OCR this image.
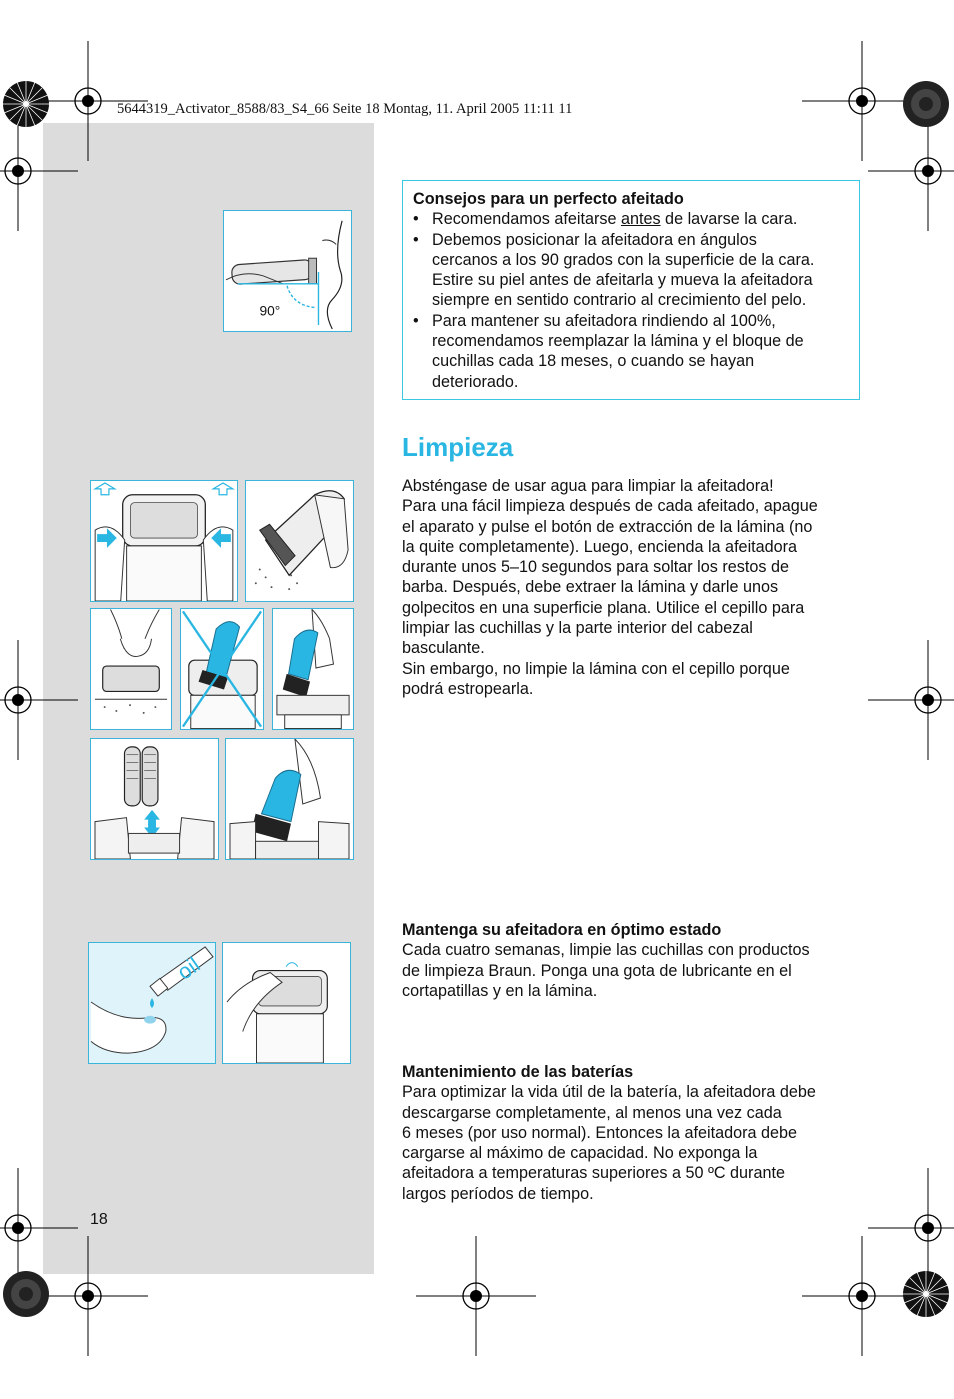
5644319_Activator_8588/83_S4_66 Seite 18 Montag, 11. April 2005 11:11 11
90°
oil
Consejos para un perfecto afeitado
• Recomendamos afeitarse antes de lavarse la cara.
• Debemos posicionar la afeitadora en ángulos
cercanos a los 90 grados con la superficie de la cara.
Estire su piel antes de afeitarla y mueva la afeitadora
siempre en sentido contrario al crecimiento del pelo.
• Para mantener su afeitadora rindiendo al 100%,
recomendamos reemplazar la lámina y el bloque de
cuchillas cada 18 meses, o cuando se hayan
deteriorado.
Limpieza
Absténgase de usar agua para limpiar la afeitadora!
Para una fácil limpieza después de cada afeitado, apague
el aparato y pulse el botón de extracción de la lámina (no
la quite completamente). Luego, encienda la afeitadora
durante unos 5–10 segundos para soltar los restos de
barba. Después, debe extraer la lámina y darle unos
golpecitos en una superficie plana. Utilice el cepillo para
limpiar las cuchillas y la parte interior del cabezal
basculante.
Sin embargo, no limpie la lámina con el cepillo porque
podrá estropearla.
Mantenga su afeitadora en óptimo estado
Cada cuatro semanas, limpie las cuchillas con productos
de limpieza Braun. Ponga una gota de lubricante en el
cortapatillas y en la lámina.
Mantenimiento de las baterías
Para optimizar la vida útil de la batería, la afeitadora debe
descargarse completamente, al menos una vez cada
6 meses (por uso normal). Entonces la afeitadora debe
cargarse al máximo de capacidad. No exponga la
afeitadora a temperaturas superiores a 50 ºC durante
largos períodos de tiempo.
18
